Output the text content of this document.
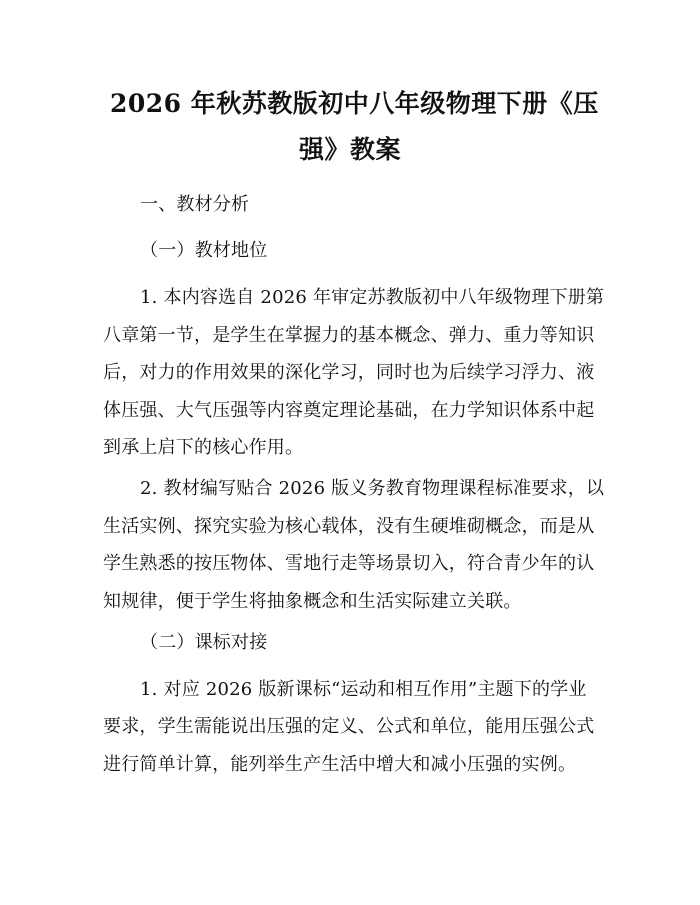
2026 年秋苏教版初中八年级物理下册《压
强》教案
一、教材分析
（一）教材地位
1. 本内容选自 2026 年审定苏教版初中八年级物理下册第
八章第一节，是学生在掌握力的基本概念、弹力、重力等知识
后，对力的作用效果的深化学习，同时也为后续学习浮力、液
体压强、大气压强等内容奠定理论基础，在力学知识体系中起
到承上启下的核心作用。
2. 教材编写贴合 2026 版义务教育物理课程标准要求，以
生活实例、探究实验为核心载体，没有生硬堆砌概念，而是从
学生熟悉的按压物体、雪地行走等场景切入，符合青少年的认
知规律，便于学生将抽象概念和生活实际建立关联。
（二）课标对接
1. 对应 2026 版新课标“运动和相互作用”主题下的学业
要求，学生需能说出压强的定义、公式和单位，能用压强公式
进行简单计算，能列举生产生活中增大和减小压强的实例。
